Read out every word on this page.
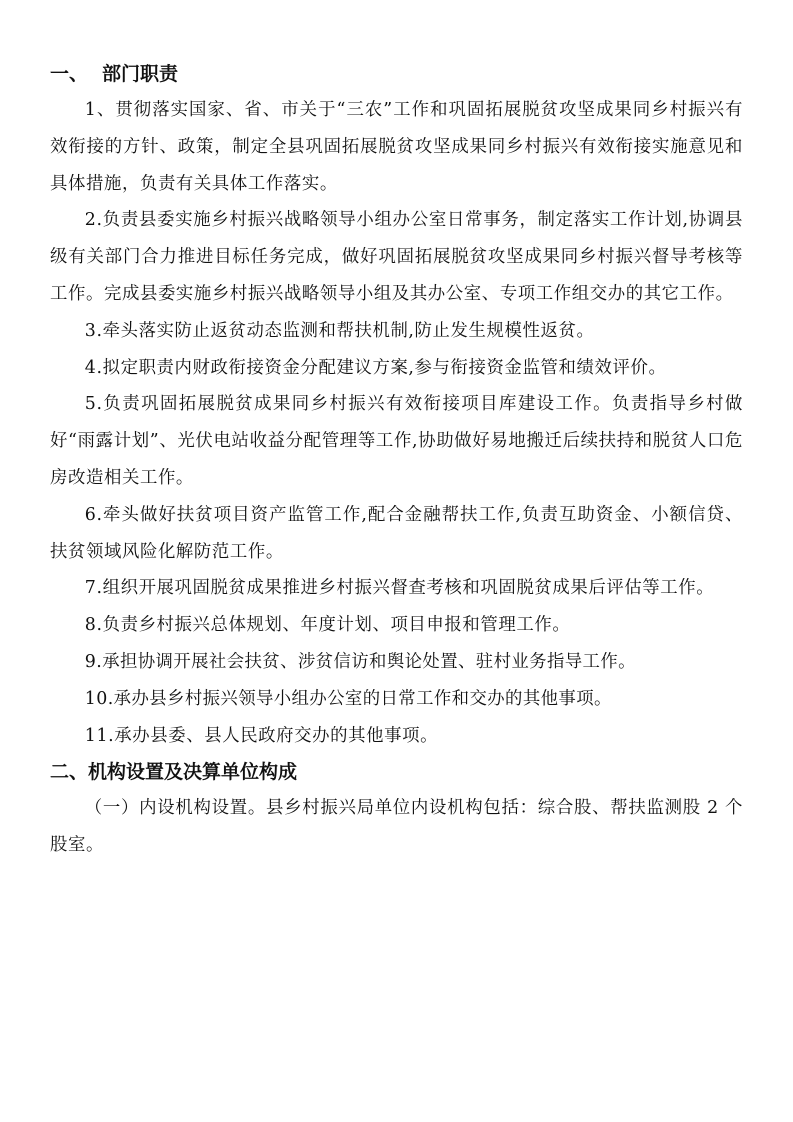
一、 部门职责

1、贯彻落实国家、省、市关于“三农”工作和巩固拓展脱贫攻坚成果同乡村振兴有效衔接的方针、政策，制定全县巩固拓展脱贫攻坚成果同乡村振兴有效衔接实施意见和具体措施，负责有关具体工作落实。

2.负责县委实施乡村振兴战略领导小组办公室日常事务，制定落实工作计划,协调县级有关部门合力推进目标任务完成，做好巩固拓展脱贫攻坚成果同乡村振兴督导考核等工作。完成县委实施乡村振兴战略领导小组及其办公室、专项工作组交办的其它工作。

3.牵头落实防止返贫动态监测和帮扶机制,防止发生规模性返贫。

4.拟定职责内财政衔接资金分配建议方案,参与衔接资金监管和绩效评价。

5.负责巩固拓展脱贫成果同乡村振兴有效衔接项目库建设工作。负责指导乡村做好“雨露计划”、光伏电站收益分配管理等工作,协助做好易地搬迁后续扶持和脱贫人口危房改造相关工作。

6.牵头做好扶贫项目资产监管工作,配合金融帮扶工作,负责互助资金、小额信贷、扶贫领域风险化解防范工作。

7.组织开展巩固脱贫成果推进乡村振兴督查考核和巩固脱贫成果后评估等工作。

8.负责乡村振兴总体规划、年度计划、项目申报和管理工作。

9.承担协调开展社会扶贫、涉贫信访和舆论处置、驻村业务指导工作。

10.承办县乡村振兴领导小组办公室的日常工作和交办的其他事项。

11.承办县委、县人民政府交办的其他事项。

二、机构设置及决算单位构成

（一）内设机构设置。县乡村振兴局单位内设机构包括：综合股、帮扶监测股 2 个股室。
